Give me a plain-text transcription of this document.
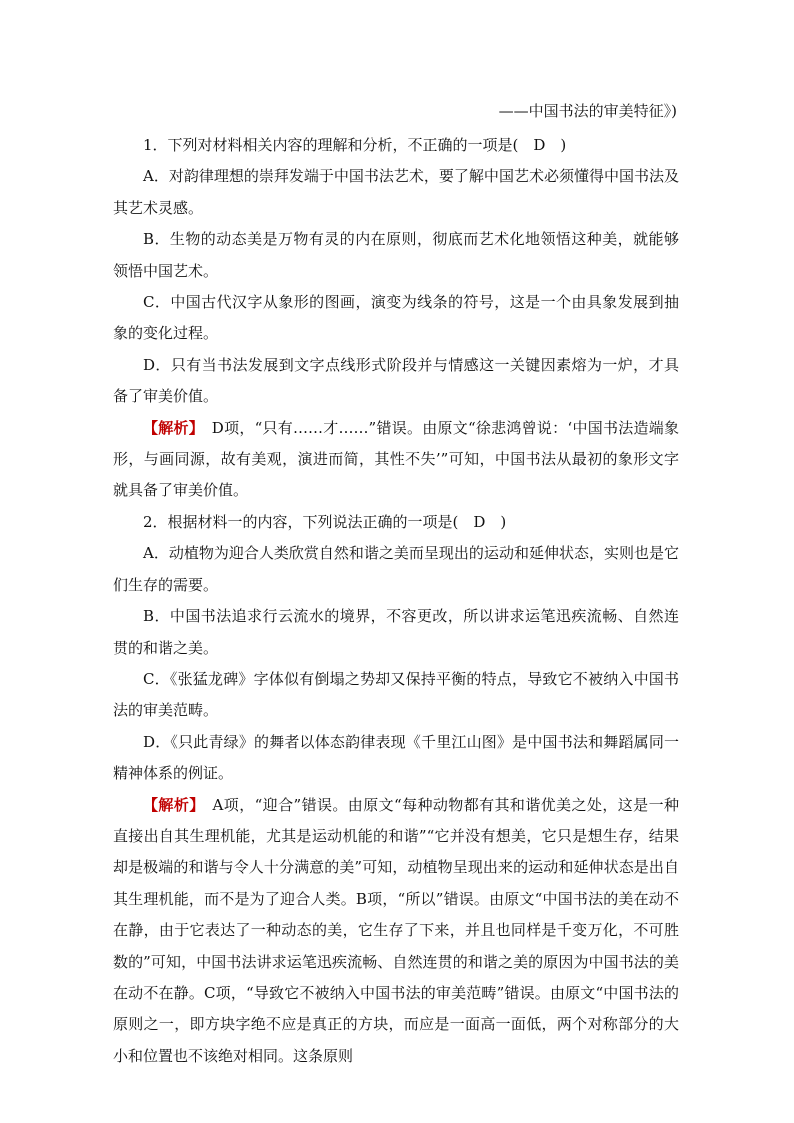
——中国书法的审美特征》)

1．下列对材料相关内容的理解和分析，不正确的一项是(　D　)

A．对韵律理想的崇拜发端于中国书法艺术，要了解中国艺术必须懂得中国书法及其艺术灵感。

B．生物的动态美是万物有灵的内在原则，彻底而艺术化地领悟这种美，就能够领悟中国艺术。

C．中国古代汉字从象形的图画，演变为线条的符号，这是一个由具象发展到抽象的变化过程。

D．只有当书法发展到文字点线形式阶段并与情感这一关键因素熔为一炉，才具备了审美价值。

【解析】　D项，“只有……才……”错误。由原文“徐悲鸿曾说：‘中国书法造端象形，与画同源，故有美观，演进而简，其性不失’”可知，中国书法从最初的象形文字就具备了审美价值。

2．根据材料一的内容，下列说法正确的一项是(　D　)

A．动植物为迎合人类欣赏自然和谐之美而呈现出的运动和延伸状态，实则也是它们生存的需要。

B．中国书法追求行云流水的境界，不容更改，所以讲求运笔迅疾流畅、自然连贯的和谐之美。

C．《张猛龙碑》字体似有倒塌之势却又保持平衡的特点，导致它不被纳入中国书法的审美范畴。

D．《只此青绿》的舞者以体态韵律表现《千里江山图》是中国书法和舞蹈属同一精神体系的例证。

【解析】　A项，“迎合”错误。由原文“每种动物都有其和谐优美之处，这是一种直接出自其生理机能，尤其是运动机能的和谐”“它并没有想美，它只是想生存，结果却是极端的和谐与令人十分满意的美”可知，动植物呈现出来的运动和延伸状态是出自其生理机能，而不是为了迎合人类。B项，“所以”错误。由原文“中国书法的美在动不在静，由于它表达了一种动态的美，它生存了下来，并且也同样是千变万化，不可胜数的”可知，中国书法讲求运笔迅疾流畅、自然连贯的和谐之美的原因为中国书法的美在动不在静。C项，“导致它不被纳入中国书法的审美范畴”错误。由原文“中国书法的原则之一，即方块字绝不应是真正的方块，而应是一面高一面低，两个对称部分的大小和位置也不该绝对相同。这条原则
